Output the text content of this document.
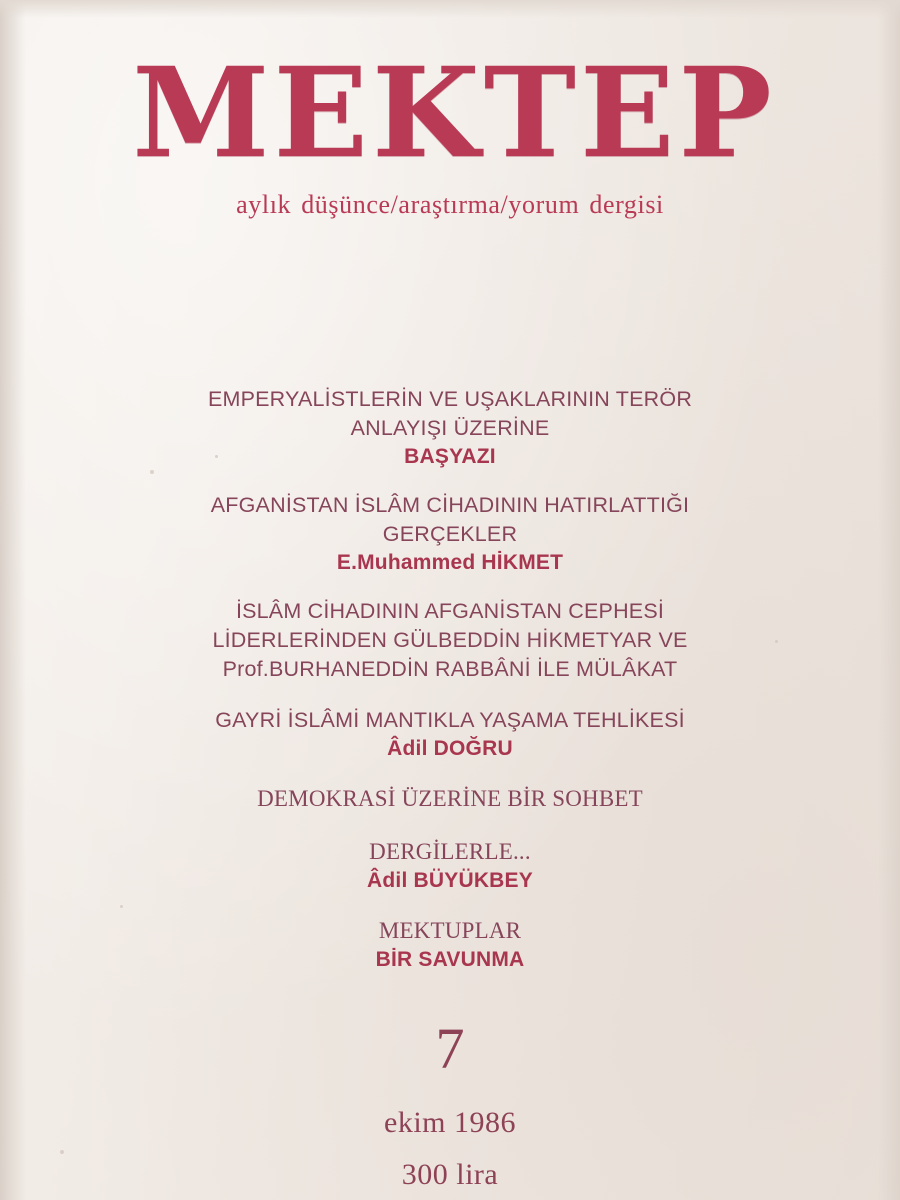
MEKTEP
aylık düşünce/araştırma/yorum dergisi
EMPERYALİSTLERİN VE UŞAKLARININ TERÖR
ANLAYIŞI ÜZERİNE
BAŞYAZI
AFGANİSTAN İSLÂM CİHADININ HATIRLATTIĞI
GERÇEKLER
E.Muhammed HİKMET
İSLÂM CİHADININ AFGANİSTAN CEPHESİ
LİDERLERİNDEN GÜLBEDDİN HİKMETYAR VE
Prof.BURHANEDDİN RABBÂNİ İLE MÜLÂKAT
GAYRİ İSLÂMİ MANTIKLA YAŞAMA TEHLİKESİ
Âdil DOĞRU
DEMOKRASİ ÜZERİNE BİR SOHBET
DERGİLERLE...
Âdil BÜYÜKBEY
MEKTUPLAR
BİR SAVUNMA
7
ekim 1986
300 lira
